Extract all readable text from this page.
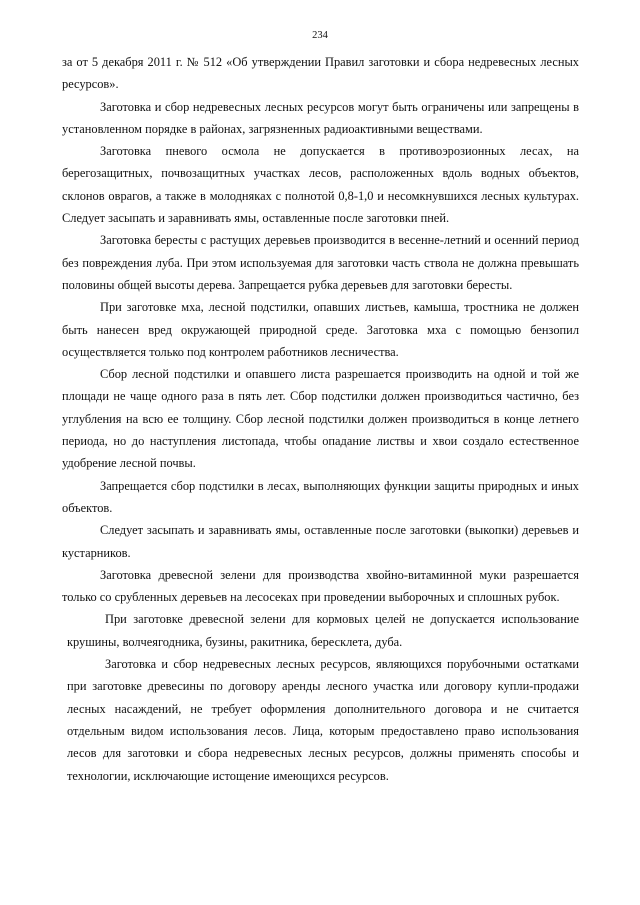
234

за от 5 декабря 2011 г. № 512 «Об утверждении Правил заготовки и сбора недревесных лесных ресурсов».

Заготовка и сбор недревесных лесных ресурсов могут быть ограничены или запрещены в установленном порядке в районах, загрязненных радиоактивными веществами.

Заготовка пневого осмола не допускается в противоэрозионных лесах, на берегозащитных, почвозащитных участках лесов, расположенных вдоль водных объектов, склонов оврагов, а также в молодняках с полнотой 0,8-1,0 и несомкнувшихся лесных культурах. Следует засыпать и заравнивать ямы, оставленные после заготовки пней.

Заготовка бересты с растущих деревьев производится в весенне-летний и осенний период без повреждения луба. При этом используемая для заготовки часть ствола не должна превышать половины общей высоты дерева. Запрещается рубка деревьев для заготовки бересты.

При заготовке мха, лесной подстилки, опавших листьев, камыша, тростника не должен быть нанесен вред окружающей природной среде. Заготовка мха с помощью бензопил осуществляется только под контролем работников лесничества.

Сбор лесной подстилки и опавшего листа разрешается производить на одной и той же площади не чаще одного раза в пять лет. Сбор подстилки должен производиться частично, без углубления на всю ее толщину. Сбор лесной подстилки должен производиться в конце летнего периода, но до наступления листопада, чтобы опадание листвы и хвои создало естественное удобрение лесной почвы.

Запрещается сбор подстилки в лесах, выполняющих функции защиты природных и иных объектов.

Следует засыпать и заравнивать ямы, оставленные после заготовки (выкопки) деревьев и кустарников.

Заготовка древесной зелени для производства хвойно-витаминной муки разрешается только со срубленных деревьев на лесосеках при проведении выборочных и сплошных рубок.

При заготовке древесной зелени для кормовых целей не допускается использование крушины, волчеягодника, бузины, ракитника, бересклета, дуба.

Заготовка и сбор недревесных лесных ресурсов, являющихся порубочными остатками при заготовке древесины по договору аренды лесного участка или договору купли-продажи лесных насаждений, не требует оформления дополнительного договора и не считается отдельным видом использования лесов. Лица, которым предоставлено право использования лесов для заготовки и сбора недревесных лесных ресурсов, должны применять способы и технологии, исключающие истощение имеющихся ресурсов.
